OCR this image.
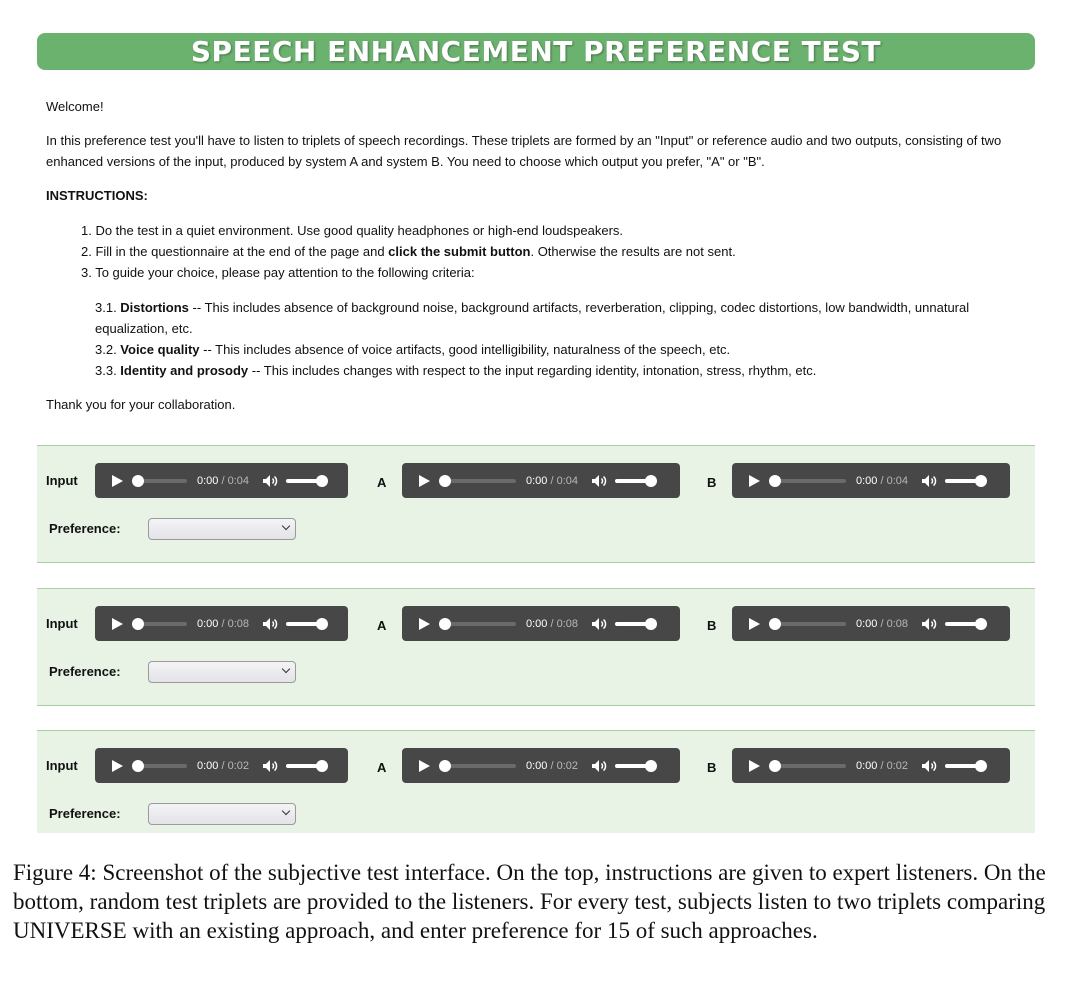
SPEECH ENHANCEMENT PREFERENCE TEST

Welcome!

In this preference test you'll have to listen to triplets of speech recordings. These triplets are formed by an "Input" or reference audio and two outputs, consisting of two enhanced versions of the input, produced by system A and system B. You need to choose which output you prefer, "A" or "B".

INSTRUCTIONS:

1. Do the test in a quiet environment. Use good quality headphones or high-end loudspeakers.
2. Fill in the questionnaire at the end of the page and click the submit button. Otherwise the results are not sent.
3. To guide your choice, please pay attention to the following criteria:

3.1. Distortions -- This includes absence of background noise, background artifacts, reverberation, clipping, codec distortions, low bandwidth, unnatural equalization, etc.

3.2. Voice quality -- This includes absence of voice artifacts, good intelligibility, naturalness of the speech, etc.

3.3. Identity and prosody -- This includes changes with respect to the input regarding identity, intonation, stress, rhythm, etc.

Thank you for your collaboration.

Input	0:00 / 0:04	A	0:00 / 0:04	B	0:00 / 0:04
Preference:
Input	0:00 / 0:08	A	0:00 / 0:08	B	0:00 / 0:08
Preference:
Input	0:00 / 0:02	A	0:00 / 0:02	B	0:00 / 0:02
Preference:
Figure 4: Screenshot of the subjective test interface. On the top, instructions are given to expert listeners. On the bottom, random test triplets are provided to the listeners. For every test, subjects listen to two triplets comparing UNIVERSE with an existing approach, and enter preference for 15 of such approaches.
